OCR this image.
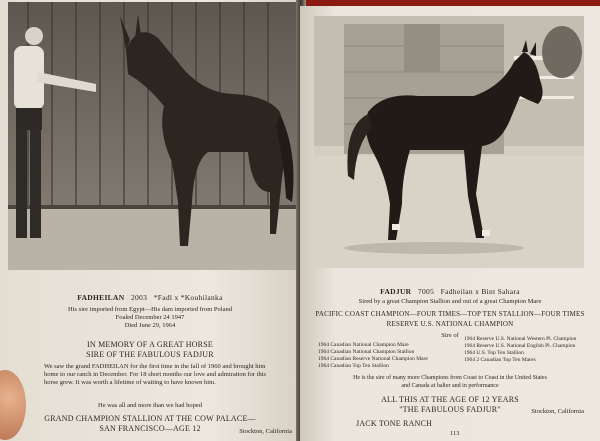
FADHEILAN 2003 *Fadl x *Kouhilanka
His sire imported from Egypt—His dam imported from Poland
Foaled December 24 1947
Died June 29, 1964
IN MEMORY OF A GREAT HORSE
SIRE OF THE FABULOUS FADJUR
We saw the grand FADHEILAN for the first time in the fall of 1960 and brought him home to our ranch in December. For 18 short months our love and admiration for this horse grew. It was worth a lifetime of waiting to have known him.
He was all and more than we had hoped
GRAND CHAMPION STALLION AT THE COW PALACE—
SAN FRANCISCO—AGE 12	Stockton, California
FADJUR 7005 Fadheilan x Bint Sahara
Sired by a great Champion Stallion and out of a great Champion Mare
PACIFIC COAST CHAMPION—FOUR TIMES—TOP TEN STALLION—FOUR TIMES
RESERVE U.S. NATIONAL CHAMPION
Sire of
1964 Canadian National Champion Mare
1964 Canadian National Champion Stallion
1964 Canadian Reserve National Champion Mare
1964 Canadian Top Ten Stallion
1964 Reserve U.S. National Western Pl. Champion
1964 Reserve U.S. National English Pl. Champion
1964 U.S. Top Ten Stallion
1964 2 Canadian Top Ten Mares
He is the sire of many more Champions from Coast to Coast in the United States
and Canada at halter and in performance
ALL THIS AT THE AGE OF 12 YEARS
"THE FABULOUS FADJUR"	Stockton, California
JACK TONE RANCH
113
